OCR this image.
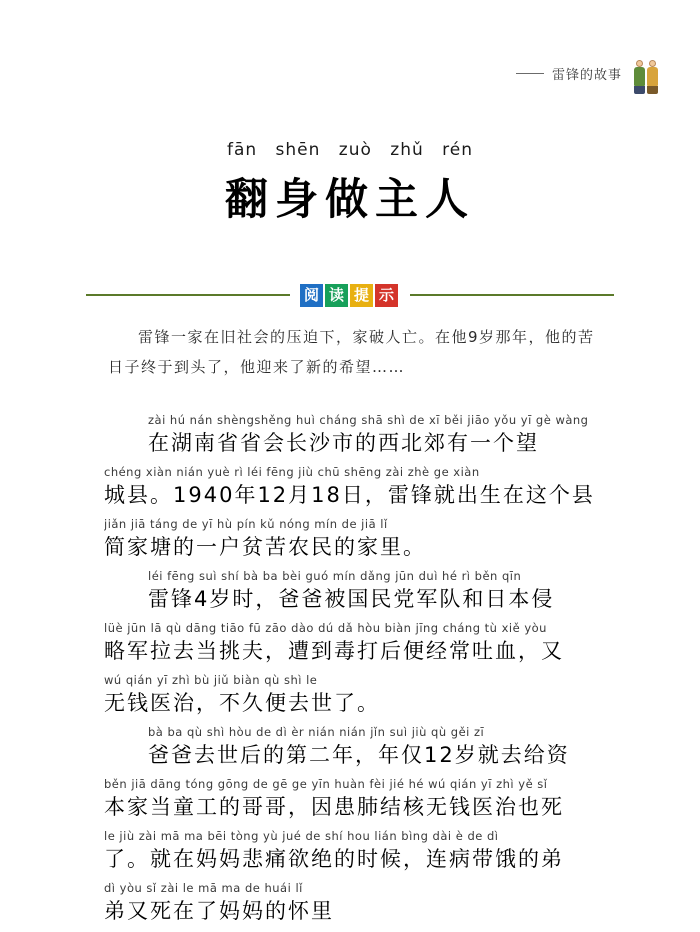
雷锋的故事
fān shēn zuò zhǔ rén
翻身做主人
阅 读 提 示
雷锋一家在旧社会的压迫下，家破人亡。在他9岁那年，他的苦日子终于到头了，他迎来了新的希望……
zài hú nán shèngshěng huì cháng shā shì de xī běi jiāo yǒu yī gè wàng
在湖南省省会长沙市的西北郊有一个望
chéng xiàn nián yuè rì léi fēng jiù chū shēng zài zhè ge xiàn
城县。1940年12月18日，雷锋就出生在这个县
jiǎn jiā táng de yī hù pín kǔ nóng mín de jiā lǐ
简家塘的一户贫苦农民的家里。
léi fēng suì shí bà ba bèi guó mín dǎng jūn duì hé rì běn qīn
雷锋4岁时，爸爸被国民党军队和日本侵
lüè jūn lā qù dāng tiāo fū zāo dào dú dǎ hòu biàn jīng cháng tù xiě yòu
略军拉去当挑夫，遭到毒打后便经常吐血，又
wú qián yī zhì bù jiǔ biàn qù shì le
无钱医治，不久便去世了。
bà ba qù shì hòu de dì èr nián nián jǐn suì jiù qù gěi zī
爸爸去世后的第二年，年仅12岁就去给资
běn jiā dāng tóng gōng de gē ge yīn huàn fèi jié hé wú qián yī zhì yě sǐ
本家当童工的哥哥，因患肺结核无钱医治也死
le jiù zài mā ma bēi tòng yù jué de shí hou lián bìng dài è de dì
了。就在妈妈悲痛欲绝的时候，连病带饿的弟
dì yòu sǐ zài le mā ma de huái lǐ
弟又死在了妈妈的怀里
